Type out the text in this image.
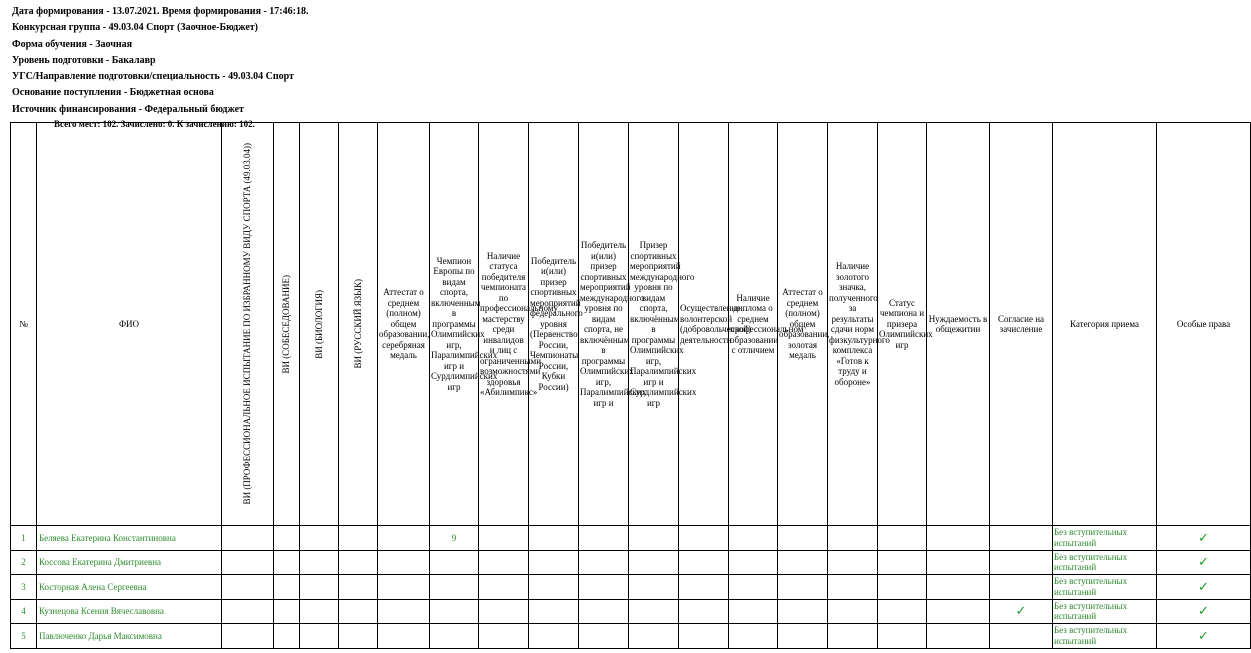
Дата формирования - 13.07.2021. Время формирования - 17:46:18.
Конкурсная группа - 49.03.04 Спорт (Заочное-Бюджет)
Форма обучения - Заочная
Уровень подготовки - Бакалавр
УГС/Направление подготовки/специальность - 49.03.04 Спорт
Основание поступления - Бюджетная основа
Источник финансирования - Федеральный бюджет
Всего мест: 102. Зачислено: 0. К зачислению: 102.
№	ФИО	ВИ (ПРОФЕССИОНАЛЬНОЕ ИСПЫТАНИЕ ПО ИЗБРАННОМУ ВИДУ СПОРТА (49.03.04))	ВИ (СОБЕСЕДОВАНИЕ)	ВИ (БИОЛОГИЯ)	ВИ (РУССКИЙ ЯЗЫК)	Аттестат о среднем (полном) общем образовании, серебряная медаль	Чемпион Европы по видам спорта, включенным в программы Олимпийских игр, Паралимпийских игр и Сурдлимпийских игр	Наличие статуса победителя чемпионата по профессиональному мастерству среди инвалидов и лиц с ограниченными возможностями здоровья «Абилимпикс»	Победитель и(или) призер спортивных мероприятий федерального уровня (Первенство России, Чемпионаты России, Кубки России)	Победитель и(или) призер спортивных мероприятий международного уровня по видам спорта, не включённым в программы Олимпийских игр, Паралимпийских игр и	Призер спортивных мероприятий международного уровня по видам спорта, включённым в программы Олимпийских игр, Паралимпийских игр и Сурдлимпийских игр	Осуществление волонтерской (добровольческой) деятельности	Наличие диплома о среднем профессиональном образовании с отличием	Аттестат о среднем (полном) общем образовании, золотая медаль	Наличие золотого значка, полученного за результаты сдачи норм физкультурного комплекса «Готов к труду и обороне»	Статус чемпиона и призера Олимпийских игр	Нуждаемость в общежитии	Согласие на зачисление	Категория приема	Особые права
1	Беляева Екатерина Константиновна						9												Без вступительных испытаний	✓
2	Коссова Екатерина Дмитриевна																		Без вступительных испытаний	✓
3	Косторная Алена Сергеевна																		Без вступительных испытаний	✓
4	Кузнецова Ксения Вячеславовна																	✓	Без вступительных испытаний	✓
5	Павлюченко Дарья Максимовна																		Без вступительных испытаний	✓
